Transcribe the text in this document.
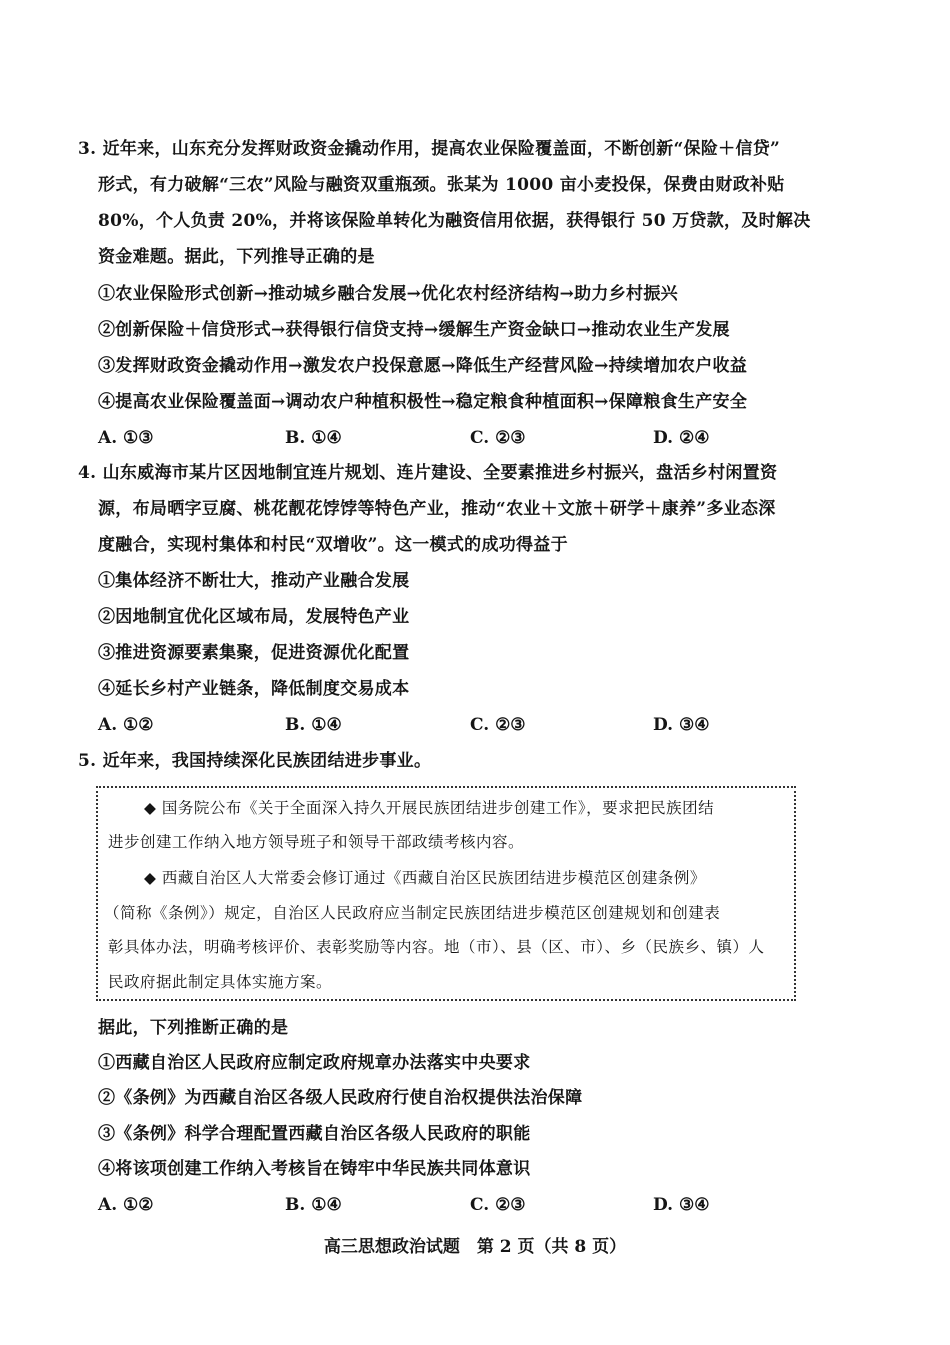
3. 近年来，山东充分发挥财政资金撬动作用，提高农业保险覆盖面，不断创新“保险＋信贷”
形式，有力破解“三农”风险与融资双重瓶颈。张某为 1000 亩小麦投保，保费由财政补贴
80%，个人负责 20%，并将该保险单转化为融资信用依据，获得银行 50 万贷款，及时解决
资金难题。据此，下列推导正确的是
①农业保险形式创新→推动城乡融合发展→优化农村经济结构→助力乡村振兴
②创新保险＋信贷形式→获得银行信贷支持→缓解生产资金缺口→推动农业生产发展
③发挥财政资金撬动作用→激发农户投保意愿→降低生产经营风险→持续增加农户收益
④提高农业保险覆盖面→调动农户种植积极性→稳定粮食种植面积→保障粮食生产安全
A. ①③	B. ①④	C. ②③	D. ②④
4. 山东威海市某片区因地制宜连片规划、连片建设、全要素推进乡村振兴，盘活乡村闲置资
源，布局晒字豆腐、桃花靓花饽饽等特色产业，推动“农业＋文旅＋研学＋康养”多业态深
度融合，实现村集体和村民“双增收”。这一模式的成功得益于
①集体经济不断壮大，推动产业融合发展
②因地制宜优化区域布局，发展特色产业
③推进资源要素集聚，促进资源优化配置
④延长乡村产业链条，降低制度交易成本
A. ①②	B. ①④	C. ②③	D. ③④
5. 近年来，我国持续深化民族团结进步事业。
◆ 国务院公布《关于全面深入持久开展民族团结进步创建工作》，要求把民族团结
进步创建工作纳入地方领导班子和领导干部政绩考核内容。
◆ 西藏自治区人大常委会修订通过《西藏自治区民族团结进步模范区创建条例》
（简称《条例》）规定，自治区人民政府应当制定民族团结进步模范区创建规划和创建表
彰具体办法，明确考核评价、表彰奖励等内容。地（市）、县（区、市）、乡（民族乡、镇）人
民政府据此制定具体实施方案。
据此，下列推断正确的是
①西藏自治区人民政府应制定政府规章办法落实中央要求
②《条例》为西藏自治区各级人民政府行使自治权提供法治保障
③《条例》科学合理配置西藏自治区各级人民政府的职能
④将该项创建工作纳入考核旨在铸牢中华民族共同体意识
A. ①②	B. ①④	C. ②③	D. ③④
高三思想政治试题　第 2 页（共 8 页）
